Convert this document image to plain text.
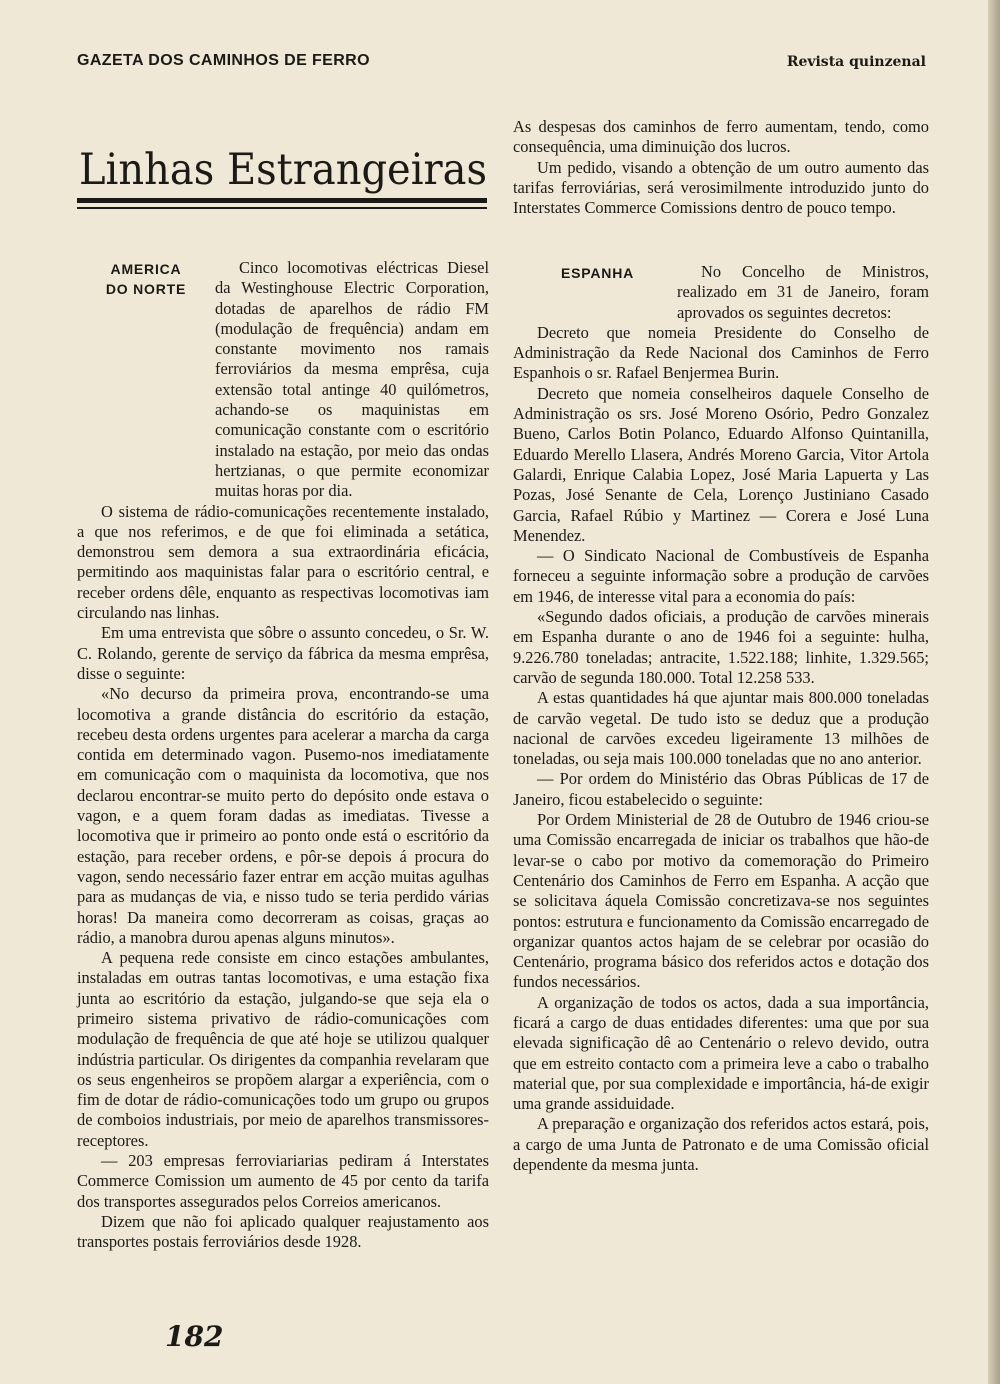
GAZETA DOS CAMINHOS DE FERRO	Revista quinzenal
Linhas Estrangeiras
AMERICA
DO NORTE

Cinco locomotivas eléctricas Diesel da Westinghouse Electric Corporation, dotadas de aparelhos de rádio FM (modulação de frequência) andam em constante movimento nos ramais ferroviários da mesma emprêsa, cuja extensão total antinge 40 quilómetros, achando-se os maquinistas em comunicação constante com o escritório instalado na estação, por meio das ondas hertzianas, o que permite economizar muitas horas por dia.

O sistema de rádio-comunicações recentemente instalado, a que nos referimos, e de que foi eliminada a setática, demonstrou sem demora a sua extraordinária eficácia, permitindo aos maquinistas falar para o escritório central, e receber ordens dêle, enquanto as respectivas locomotivas iam circulando nas linhas.

Em uma entrevista que sôbre o assunto concedeu, o Sr. W. C. Rolando, gerente de serviço da fábrica da mesma emprêsa, disse o seguinte:

«No decurso da primeira prova, encontrando-se uma locomotiva a grande distância do escritório da estação, recebeu desta ordens urgentes para acelerar a marcha da carga contida em determinado vagon. Pusemo-nos imediatamente em comunicação com o maquinista da locomotiva, que nos declarou encontrar-se muito perto do depósito onde estava o vagon, e a quem foram dadas as imediatas. Tivesse a locomotiva que ir primeiro ao ponto onde está o escritório da estação, para receber ordens, e pôr-se depois á procura do vagon, sendo necessário fazer entrar em acção muitas agulhas para as mudanças de via, e nisso tudo se teria perdido várias horas! Da maneira como decorreram as coisas, graças ao rádio, a manobra durou apenas alguns minutos».

A pequena rede consiste em cinco estações ambulantes, instaladas em outras tantas locomotivas, e uma estação fixa junta ao escritório da estação, julgando-se que seja ela o primeiro sistema privativo de rádio-comunicações com modulação de frequência de que até hoje se utilizou qualquer indústria particular. Os dirigentes da companhia revelaram que os seus engenheiros se propõem alargar a experiência, com o fim de dotar de rádio-comunicações todo um grupo ou grupos de comboios industriais, por meio de aparelhos transmissores-receptores.

— 203 empresas ferroviariarias pediram á Interstates Commerce Comission um aumento de 45 por cento da tarifa dos transportes assegurados pelos Correios americanos.

Dizem que não foi aplicado qualquer reajustamento aos transportes postais ferroviários desde 1928.

As despesas dos caminhos de ferro aumentam, tendo, como consequência, uma diminuição dos lucros.

Um pedido, visando a obtenção de um outro aumento das tarifas ferroviárias, será verosimilmente introduzido junto do Interstates Commerce Comissions dentro de pouco tempo.

ESPANHA	No Concelho de Ministros, realizado em 31 de Janeiro, foram aprovados os seguintes decretos:

Decreto que nomeia Presidente do Conselho de Administração da Rede Nacional dos Caminhos de Ferro Espanhois o sr. Rafael Benjermea Burin.

Decreto que nomeia conselheiros daquele Conselho de Administração os srs. José Moreno Osório, Pedro Gonzalez Bueno, Carlos Botin Polanco, Eduardo Alfonso Quintanilla, Eduardo Merello Llasera, Andrés Moreno Garcia, Vitor Artola Galardi, Enrique Calabia Lopez, José Maria Lapuerta y Las Pozas, José Senante de Cela, Lorenço Justiniano Casado Garcia, Rafael Rúbio y Martinez — Corera e José Luna Menendez.

— O Sindicato Nacional de Combustíveis de Espanha forneceu a seguinte informação sobre a produção de carvões em 1946, de interesse vital para a economia do país:

«Segundo dados oficiais, a produção de carvões minerais em Espanha durante o ano de 1946 foi a seguinte: hulha, 9.226.780 toneladas; antracite, 1.522.188; linhite, 1.329.565; carvão de segunda 180.000. Total 12.258 533.

A estas quantidades há que ajuntar mais 800.000 toneladas de carvão vegetal. De tudo isto se deduz que a produção nacional de carvões excedeu ligeiramente 13 milhões de toneladas, ou seja mais 100.000 toneladas que no ano anterior.

— Por ordem do Ministério das Obras Públicas de 17 de Janeiro, ficou estabelecido o seguinte:

Por Ordem Ministerial de 28 de Outubro de 1946 criou-se uma Comissão encarregada de iniciar os trabalhos que hão-de levar-se o cabo por motivo da comemoração do Primeiro Centenário dos Caminhos de Ferro em Espanha. A acção que se solicitava áquela Comissão concretizava-se nos seguintes pontos: estrutura e funcionamento da Comissão encarregado de organizar quantos actos hajam de se celebrar por ocasião do Centenário, programa básico dos referidos actos e dotação dos fundos necessários.

A organização de todos os actos, dada a sua importância, ficará a cargo de duas entidades diferentes: uma que por sua elevada significação dê ao Centenário o relevo devido, outra que em estreito contacto com a primeira leve a cabo o trabalho material que, por sua complexidade e importância, há-de exigir uma grande assiduidade.

A preparação e organização dos referidos actos estará, pois, a cargo de uma Junta de Patronato e de uma Comissão oficial dependente da mesma junta.

182
